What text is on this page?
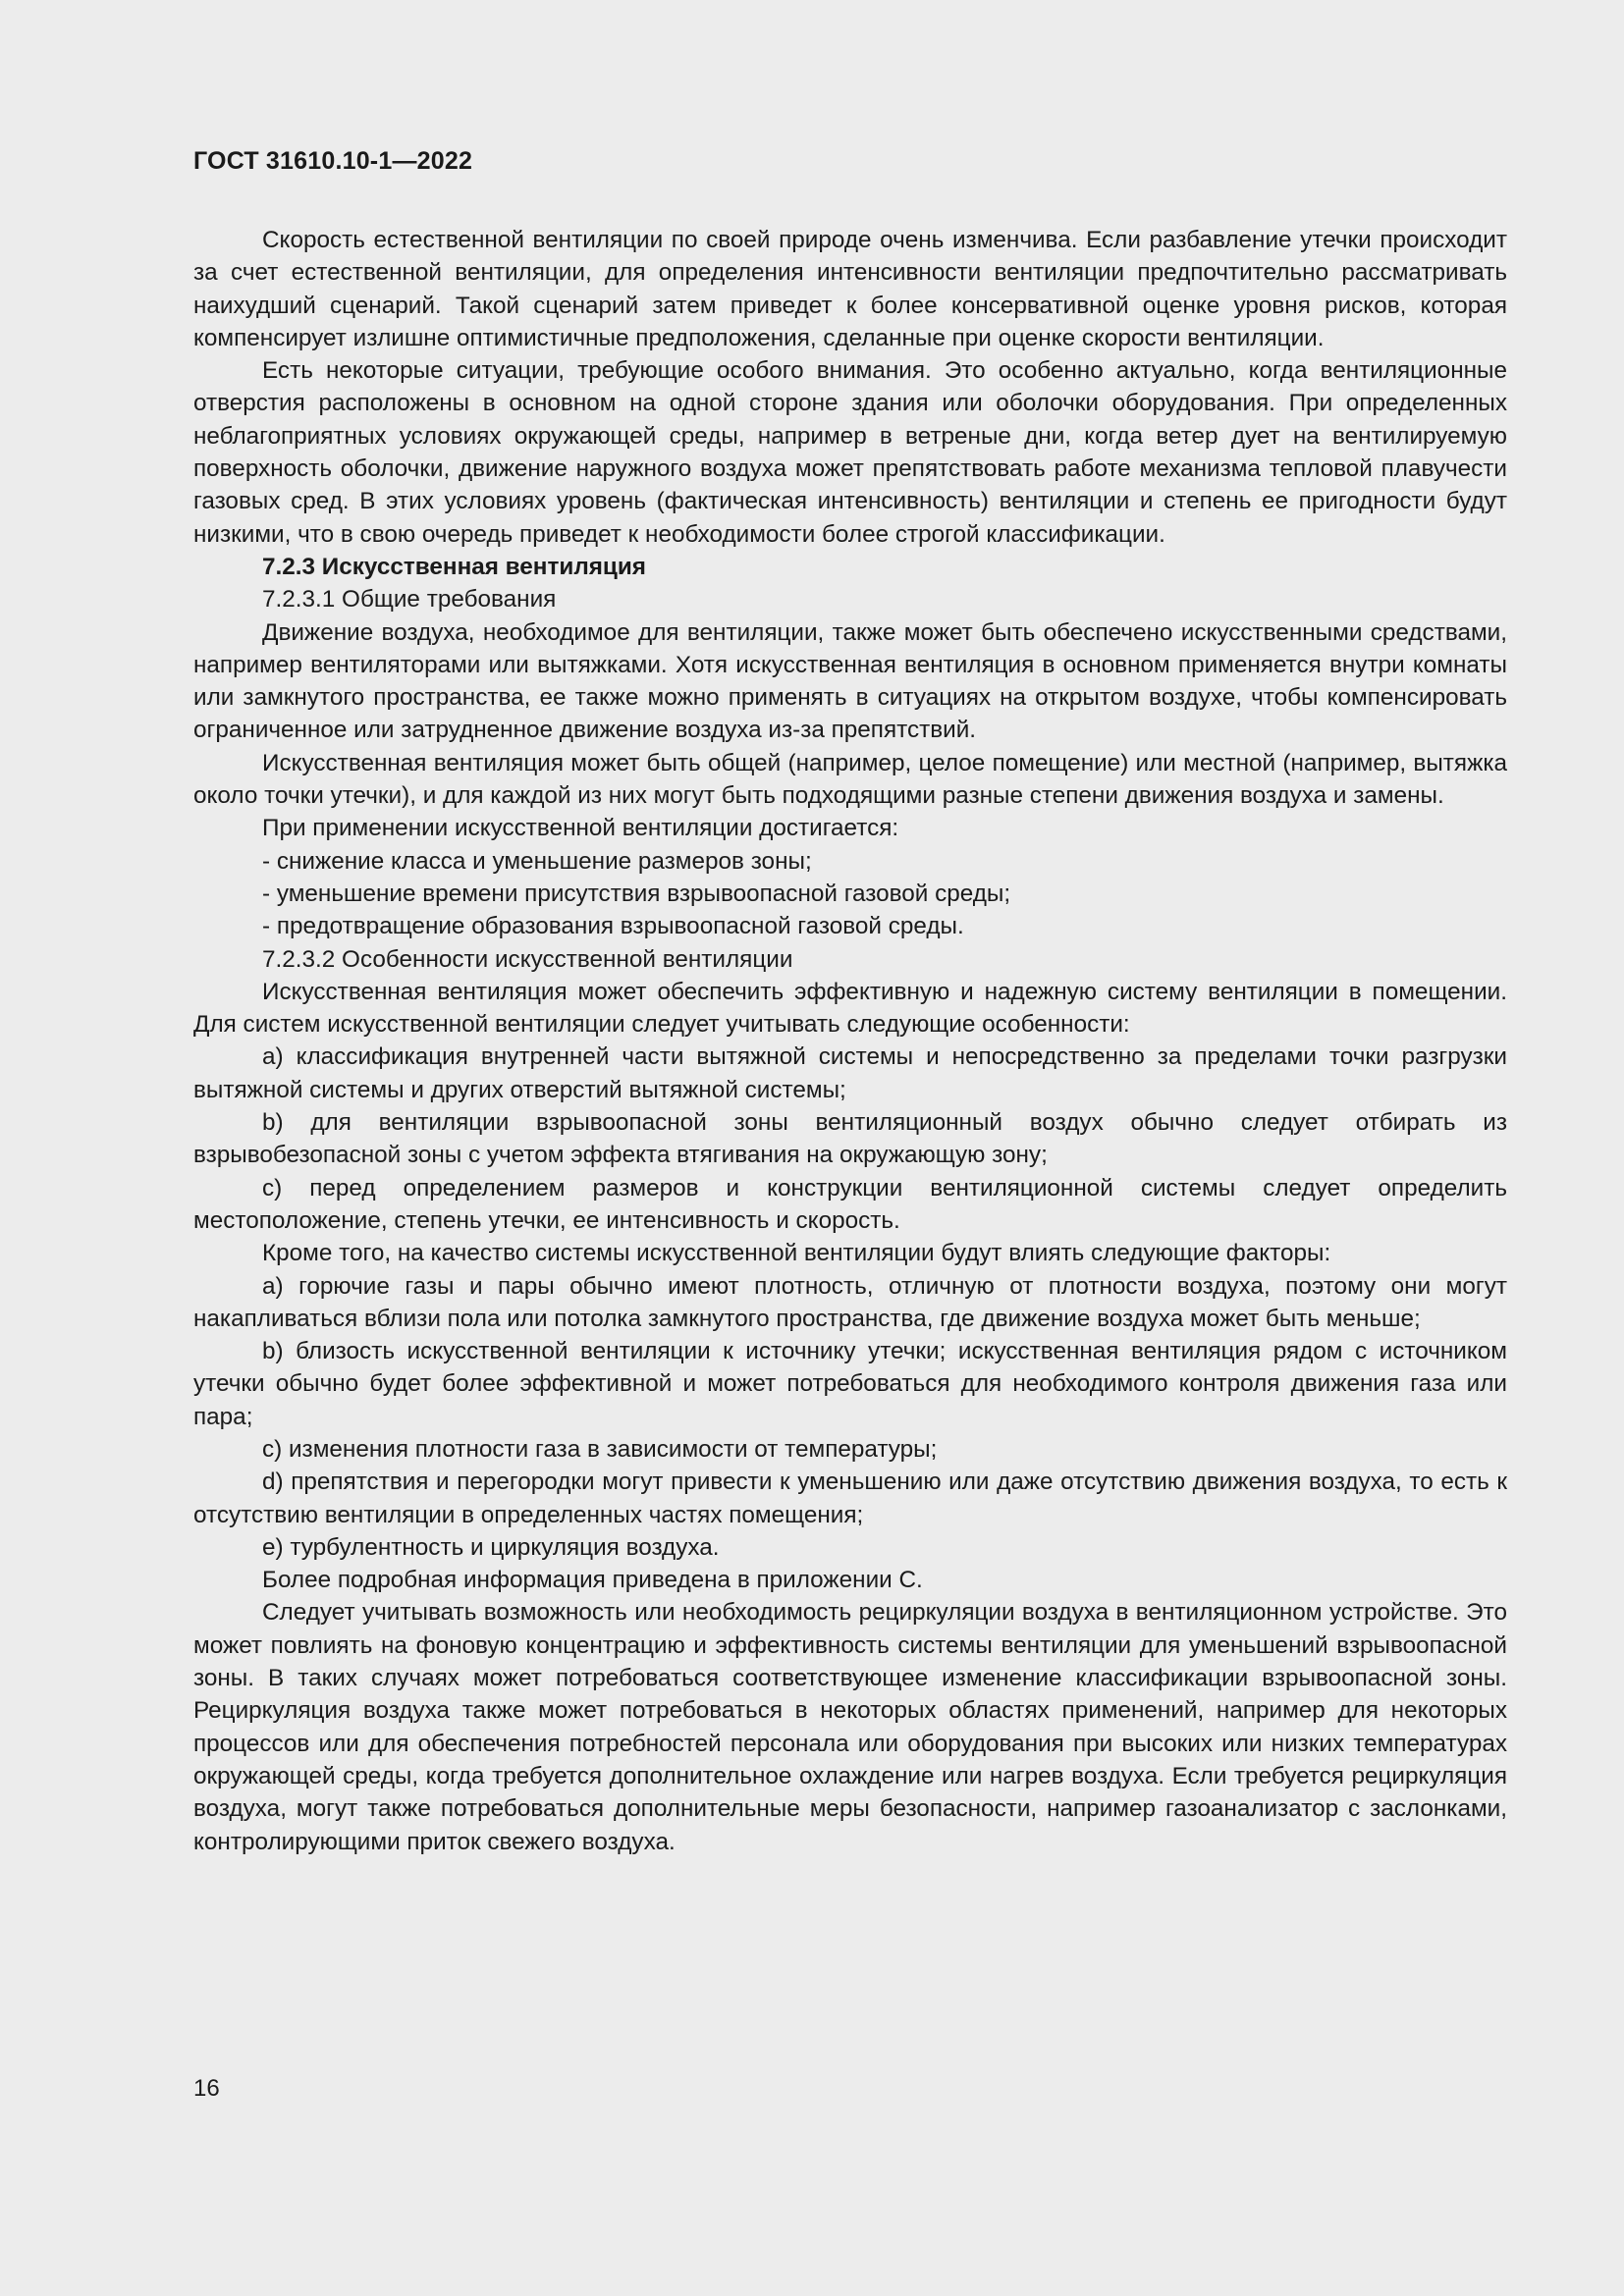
ГОСТ 31610.10-1—2022

Скорость естественной вентиляции по своей природе очень изменчива. Если разбавление утечки происходит за счет естественной вентиляции, для определения интенсивности вентиляции предпочтительно рассматривать наихудший сценарий. Такой сценарий затем приведет к более консервативной оценке уровня рисков, которая компенсирует излишне оптимистичные предположения, сделанные при оценке скорости вентиляции.

Есть некоторые ситуации, требующие особого внимания. Это особенно актуально, когда вентиляционные отверстия расположены в основном на одной стороне здания или оболочки оборудования. При определенных неблагоприятных условиях окружающей среды, например в ветреные дни, когда ветер дует на вентилируемую поверхность оболочки, движение наружного воздуха может препятствовать работе механизма тепловой плавучести газовых сред. В этих условиях уровень (фактическая интенсивность) вентиляции и степень ее пригодности будут низкими, что в свою очередь приведет к необходимости более строгой классификации.

7.2.3 Искусственная вентиляция

7.2.3.1 Общие требования

Движение воздуха, необходимое для вентиляции, также может быть обеспечено искусственными средствами, например вентиляторами или вытяжками. Хотя искусственная вентиляция в основном применяется внутри комнаты или замкнутого пространства, ее также можно применять в ситуациях на открытом воздухе, чтобы компенсировать ограниченное или затрудненное движение воздуха из-за препятствий.

Искусственная вентиляция может быть общей (например, целое помещение) или местной (например, вытяжка около точки утечки), и для каждой из них могут быть подходящими разные степени движения воздуха и замены.

При применении искусственной вентиляции достигается:

- снижение класса и уменьшение размеров зоны;

- уменьшение времени присутствия взрывоопасной газовой среды;

- предотвращение образования взрывоопасной газовой среды.

7.2.3.2 Особенности искусственной вентиляции

Искусственная вентиляция может обеспечить эффективную и надежную систему вентиляции в помещении. Для систем искусственной вентиляции следует учитывать следующие особенности:

a) классификация внутренней части вытяжной системы и непосредственно за пределами точки разгрузки вытяжной системы и других отверстий вытяжной системы;

b) для вентиляции взрывоопасной зоны вентиляционный воздух обычно следует отбирать из взрывобезопасной зоны с учетом эффекта втягивания на окружающую зону;

c) перед определением размеров и конструкции вентиляционной системы следует определить местоположение, степень утечки, ее интенсивность и скорость.

Кроме того, на качество системы искусственной вентиляции будут влиять следующие факторы:

a) горючие газы и пары обычно имеют плотность, отличную от плотности воздуха, поэтому они могут накапливаться вблизи пола или потолка замкнутого пространства, где движение воздуха может быть меньше;

b) близость искусственной вентиляции к источнику утечки; искусственная вентиляция рядом с источником утечки обычно будет более эффективной и может потребоваться для необходимого контроля движения газа или пара;

c) изменения плотности газа в зависимости от температуры;

d) препятствия и перегородки могут привести к уменьшению или даже отсутствию движения воздуха, то есть к отсутствию вентиляции в определенных частях помещения;

e) турбулентность и циркуляция воздуха.

Более подробная информация приведена в приложении C.

Следует учитывать возможность или необходимость рециркуляции воздуха в вентиляционном устройстве. Это может повлиять на фоновую концентрацию и эффективность системы вентиляции для уменьшений взрывоопасной зоны. В таких случаях может потребоваться соответствующее изменение классификации взрывоопасной зоны. Рециркуляция воздуха также может потребоваться в некоторых областях применений, например для некоторых процессов или для обеспечения потребностей персонала или оборудования при высоких или низких температурах окружающей среды, когда требуется дополнительное охлаждение или нагрев воздуха. Если требуется рециркуляция воздуха, могут также потребоваться дополнительные меры безопасности, например газоанализатор с заслонками, контролирующими приток свежего воздуха.

16
